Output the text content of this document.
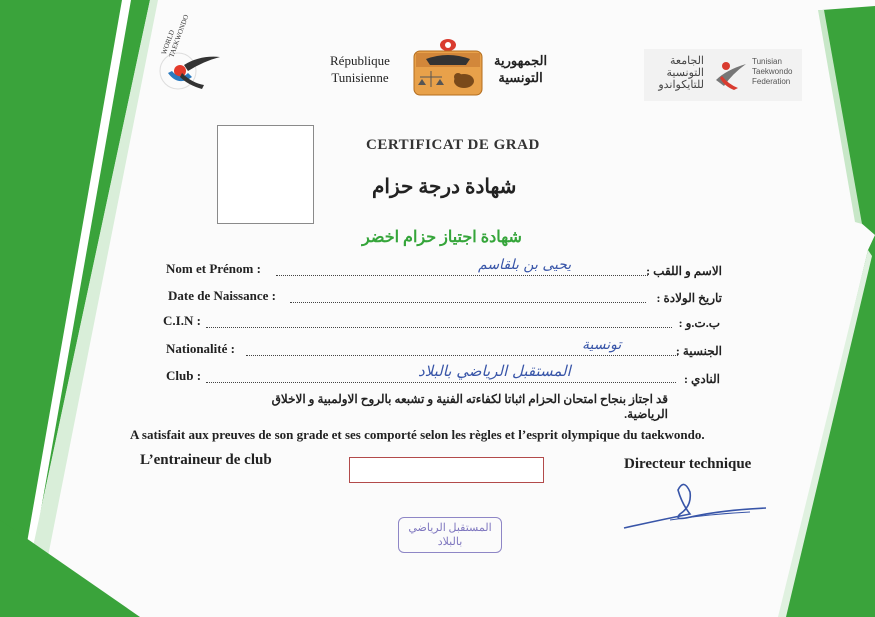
WORLD TAEKWONDO
République
Tunisienne
الجمهورية
التونسية
الجامعة
التونسية
للتايكواندو
Tunisian
Taekwondo
Federation
CERTIFICAT DE GRAD
شهادة درجة حزام
شهادة اجتياز حزام اخضر
Nom et Prénom :	يحيى بن بلقاسم	الاسم و اللقب :
Date de Naissance :	تاريخ الولادة :
C.I.N :	ب.ت.و :
Nationalité :	تونسية	الجنسية :
Club :	المستقبل الرياضي بالبلاد	النادي :
قد اجتاز بنجاح امتحان الحزام اثباتا لكفاءته الفنية و تشبعه بالروح الاولمبية و الاخلاق الرياضية.
A satisfait aux preuves de son grade et ses comporté selon les règles et l’esprit olympique du taekwondo.
L’entraineur de club	Directeur technique
المستقبل الرياضي
بالبلاد
